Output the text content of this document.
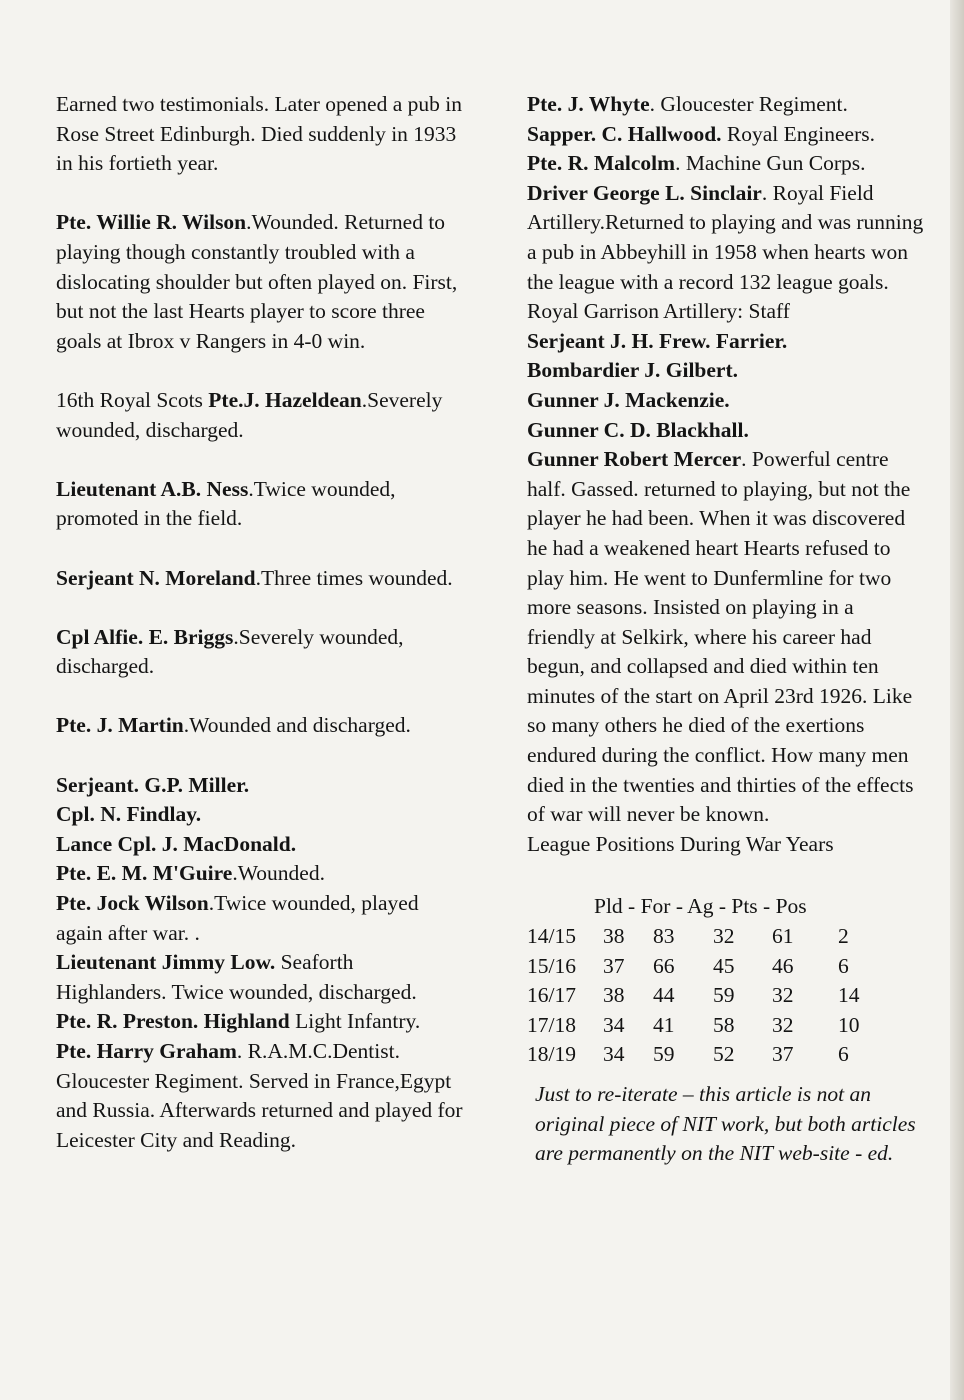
Earned two testimonials. Later opened a pub in Rose Street Edinburgh. Died suddenly in 1933 in his fortieth year.

Pte. Willie R. Wilson.Wounded. Returned to playing though constantly troubled with a dislocating shoulder but often played on. First, but not the last Hearts player to score three goals at Ibrox v Rangers in 4-0 win.

16th Royal Scots Pte.J. Hazeldean.Severely wounded, discharged.

Lieutenant A.B. Ness.Twice wounded, promoted in the field.

Serjeant N. Moreland.Three times wounded.

Cpl Alfie. E. Briggs.Severely wounded, discharged.

Pte. J. Martin.Wounded and discharged.

Serjeant. G.P. Miller.

Cpl. N. Findlay.

Lance Cpl. J. MacDonald.

Pte. E. M. M'Guire.Wounded.

Pte. Jock Wilson.Twice wounded, played again after war. .

Lieutenant Jimmy Low. Seaforth Highlanders. Twice wounded, discharged.

Pte. R. Preston. Highland Light Infantry.

Pte. Harry Graham. R.A.M.C.Dentist. Gloucester Regiment. Served in France,Egypt and Russia. Afterwards returned and played for Leicester City and Reading.

Pte. J. Whyte. Gloucester Regiment.

Sapper. C. Hallwood. Royal Engineers.

Pte. R. Malcolm. Machine Gun Corps.

Driver George L. Sinclair. Royal Field Artillery.Returned to playing and was running a pub in Abbeyhill in 1958 when hearts won the league with a record 132 league goals.

Royal Garrison Artillery: Staff

Serjeant J. H. Frew. Farrier.

Bombardier J. Gilbert.

Gunner J. Mackenzie.

Gunner C. D. Blackhall.

Gunner Robert Mercer. Powerful centre half. Gassed. returned to playing, but not the player he had been. When it was discovered he had a weakened heart Hearts refused to play him. He went to Dunfermline for two more seasons. Insisted on playing in a friendly at Selkirk, where his career had begun, and collapsed and died within ten minutes of the start on April 23rd 1926. Like so many others he died of the exertions endured during the conflict. How many men died in the twenties and thirties of the effects of war will never be known.

League Positions During War Years

Pld - For - Ag - Pts - Pos
14/15	38	83	32	61	2
15/16	37	66	45	46	6
16/17	38	44	59	32	14
17/18	34	41	58	32	10
18/19	34	59	52	37	6

Just to re-iterate – this article is not an original piece of NIT work, but both articles are permanently on the NIT web-site - ed.
